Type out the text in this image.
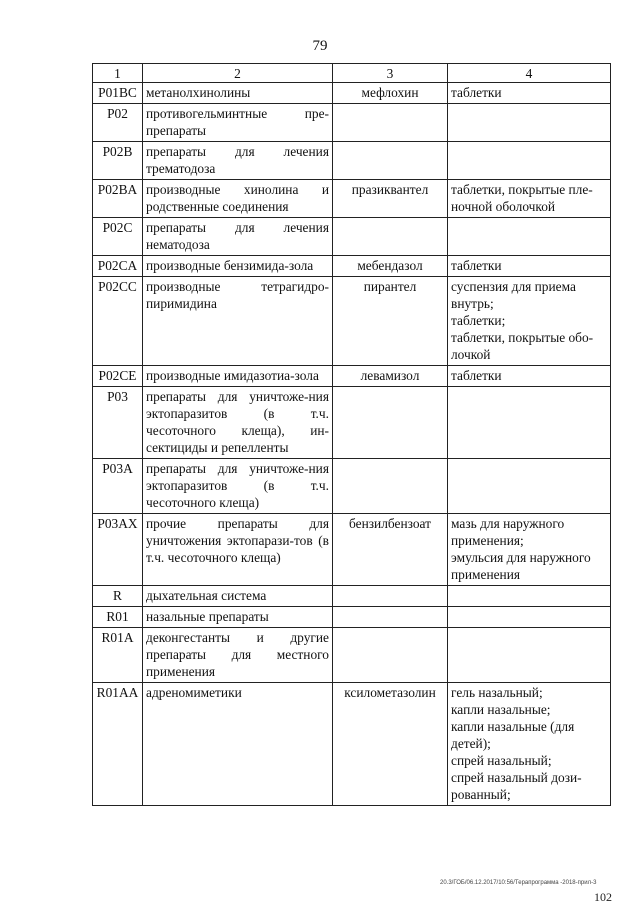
79
1	2	3	4
P01BC	метанолхинолины	мефлохин	таблетки

P02	противогельминтные пре-препараты		
P02B	препараты для лечения трематодоза		
P02BA	производные хинолина и родственные соединения	празиквантел	таблетки, покрытые пле-ночной оболочкой

P02C	препараты для лечения нематодоза		
P02CA	производные бензимида-зола	мебендазол	таблетки

P02CC	производные тетрагидро-пиримидина	пирантел	суспензия для приема внутрь;
таблетки;
таблетки, покрытые обо-лочкой

P02CE	производные имидазотиа-зола	левамизол	таблетки

P03	препараты для уничтоже-ния эктопаразитов (в т.ч. чесоточного клеща), ин-сектициды и репелленты		
P03A	препараты для уничтоже-ния эктопаразитов (в т.ч. чесоточного клеща)		
P03AX	прочие препараты для уничтожения эктопарази-тов (в т.ч. чесоточного клеща)	бензилбензоат	мазь для наружного применения;
эмульсия для наружного применения

R	дыхательная система		
R01	назальные препараты		
R01A	деконгестанты и другие препараты для местного применения		
R01AA	адреномиметики	ксилометазолин	гель назальный;
капли назальные;
капли назальные (для детей);
спрей назальный;
спрей назальный дози-рованный;
20.3/ГОБ/06.12.2017/10:56/Терапрограмма -2018-прил-3
102
